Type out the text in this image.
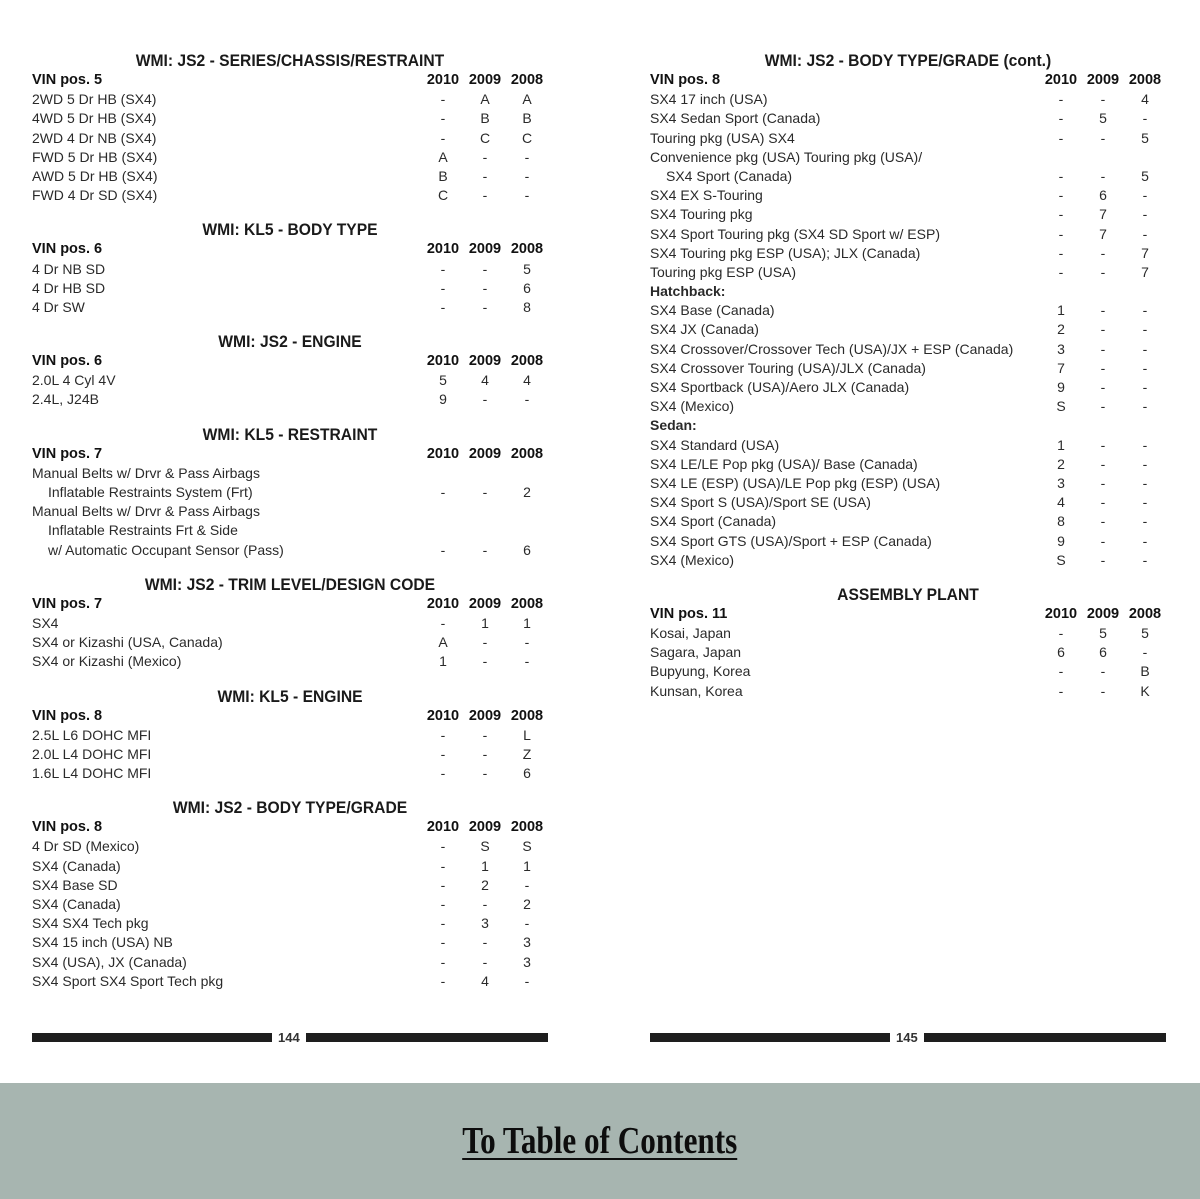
WMI: JS2 - SERIES/CHASSIS/RESTRAINT
VIN pos. 5	2010 2009 2008
2WD 5 Dr HB (SX4)	-	A	A
4WD 5 Dr HB (SX4)	-	B	B
2WD 4 Dr NB (SX4)	-	C	C
FWD 5 Dr HB (SX4)	A	-	-
AWD 5 Dr HB (SX4)	B	-	-
FWD 4 Dr SD (SX4)	C	-	-
WMI: KL5 - BODY TYPE
VIN pos. 6	2010 2009 2008
4 Dr NB SD	-	-	5
4 Dr HB SD	-	-	6
4 Dr SW	-	-	8
WMI: JS2 - ENGINE
VIN pos. 6	2010 2009 2008
2.0L 4 Cyl 4V	5	4	4
2.4L, J24B	9	-	-
WMI: KL5 - RESTRAINT
VIN pos. 7	2010 2009 2008
Manual Belts w/ Drvr & Pass Airbags
Inflatable Restraints System (Frt)	-	-	2
Manual Belts w/ Drvr & Pass Airbags
Inflatable Restraints Frt & Side
w/ Automatic Occupant Sensor (Pass)	-	-	6
WMI: JS2 - TRIM LEVEL/DESIGN CODE
VIN pos. 7	2010 2009 2008
SX4	-	1	1
SX4 or Kizashi (USA, Canada)	A	-	-
SX4 or Kizashi (Mexico)	1	-	-
WMI: KL5 - ENGINE
VIN pos. 8	2010 2009 2008
2.5L L6 DOHC MFI	-	-	L
2.0L L4 DOHC MFI	-	-	Z
1.6L L4 DOHC MFI	-	-	6
WMI: JS2 - BODY TYPE/GRADE
VIN pos. 8	2010 2009 2008
4 Dr SD (Mexico)	-	S	S
SX4 (Canada)	-	1	1
SX4 Base SD	-	2	-
SX4 (Canada)	-	-	2
SX4 SX4 Tech pkg	-	3	-
SX4 15 inch (USA) NB	-	-	3
SX4 (USA), JX (Canada)	-	-	3
SX4 Sport SX4 Sport Tech pkg	-	4	-
WMI: JS2 - BODY TYPE/GRADE (cont.)
VIN pos. 8	2010 2009 2008
SX4 17 inch (USA)	-	-	4
SX4 Sedan Sport (Canada)	-	5	-
Touring pkg (USA) SX4	-	-	5
Convenience pkg (USA) Touring pkg (USA)/
SX4 Sport (Canada)	-	-	5
SX4 EX S-Touring	-	6	-
SX4 Touring pkg	-	7	-
SX4 Sport Touring pkg (SX4 SD Sport w/ ESP)	-	7	-
SX4 Touring pkg ESP (USA); JLX (Canada)	-	-	7
Touring pkg ESP (USA)	-	-	7
Hatchback:
SX4 Base (Canada)	1	-	-
SX4 JX (Canada)	2	-	-
SX4 Crossover/Crossover Tech (USA)/JX + ESP (Canada)	3	-	-
SX4 Crossover Touring (USA)/JLX (Canada)	7	-	-
SX4 Sportback (USA)/Aero JLX (Canada)	9	-	-
SX4 (Mexico)	S	-	-
Sedan:
SX4 Standard (USA)	1	-	-
SX4 LE/LE Pop pkg (USA)/ Base (Canada)	2	-	-
SX4 LE (ESP) (USA)/LE Pop pkg (ESP) (USA)	3	-	-
SX4 Sport S (USA)/Sport SE (USA)	4	-	-
SX4 Sport (Canada)	8	-	-
SX4 Sport GTS (USA)/Sport + ESP (Canada)	9	-	-
SX4 (Mexico)	S	-	-
ASSEMBLY PLANT
VIN pos. 11	2010 2009 2008
Kosai, Japan	-	5	5
Sagara, Japan	6	6	-
Bupyung, Korea	-	-	B
Kunsan, Korea	-	-	K
144	145
To Table of Contents
